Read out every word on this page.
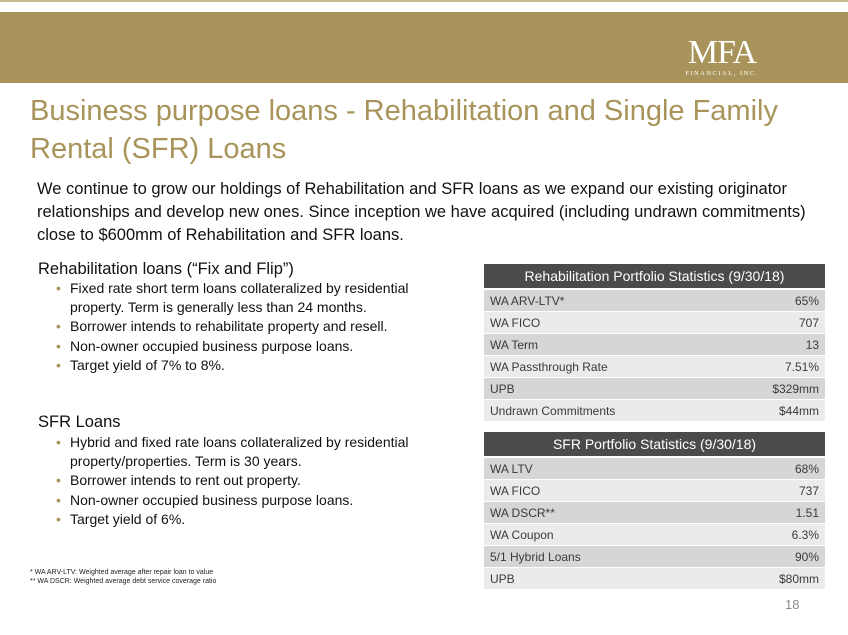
MFA
FINANCIAL, INC.
Business purpose loans - Rehabilitation and Single Family
Rental (SFR) Loans
We continue to grow our holdings of Rehabilitation and SFR loans as we expand our existing originator relationships and develop new ones. Since inception we have acquired (including undrawn commitments) close to $600mm of Rehabilitation and SFR loans.
Rehabilitation loans (“Fix and Flip”)
• Fixed rate short term loans collateralized by residential property. Term is generally less than 24 months.
• Borrower intends to rehabilitate property and resell.
• Non-owner occupied business purpose loans.
• Target yield of 7% to 8%.
SFR Loans
• Hybrid and fixed rate loans collateralized by residential property/properties. Term is 30 years.
• Borrower intends to rent out property.
• Non-owner occupied business purpose loans.
• Target yield of 6%.
Rehabilitation Portfolio Statistics (9/30/18)	
WA ARV-LTV*	65%
WA FICO	707
WA Term	13
WA Passthrough Rate	7.51%
UPB	$329mm
Undrawn Commitments	$44mm
SFR Portfolio Statistics (9/30/18)	
WA LTV	68%
WA FICO	737
WA DSCR**	1.51
WA Coupon	6.3%
5/1 Hybrid Loans	90%
UPB	$80mm
* WA ARV-LTV: Weighted average after repair loan to value
** WA DSCR: Weighted average debt service coverage ratio
18
